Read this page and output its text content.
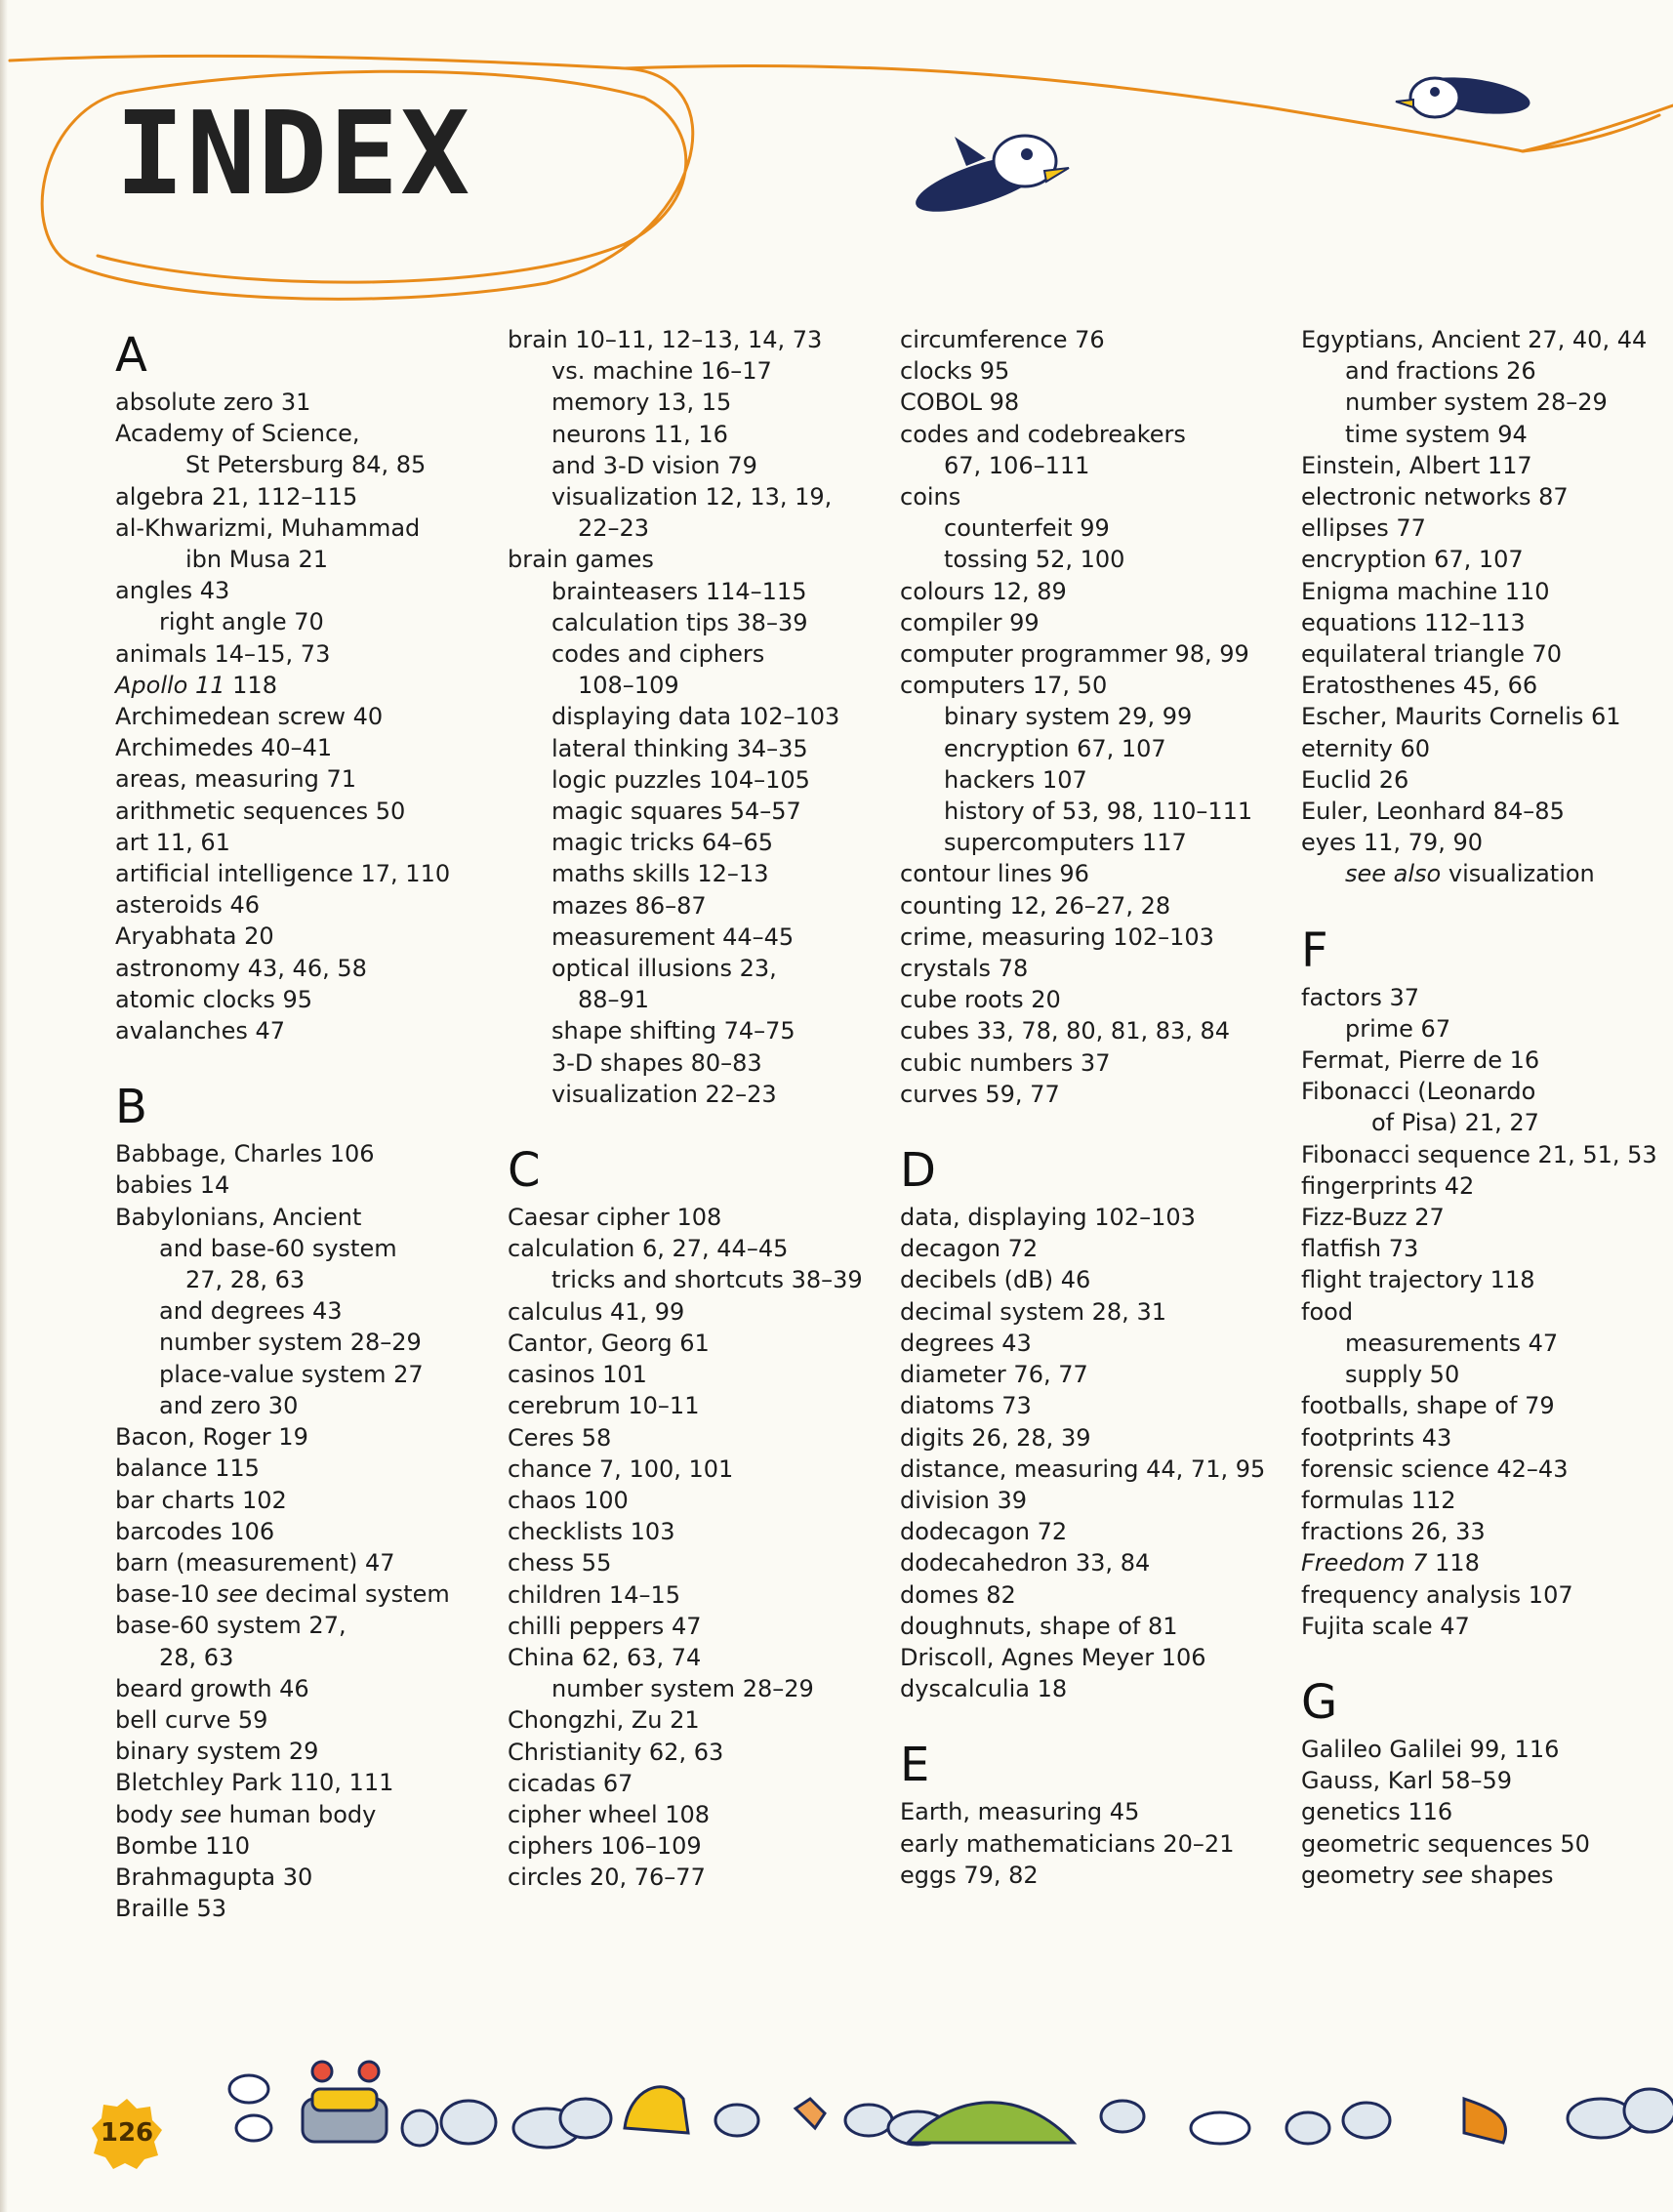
INDEX
A
absolute zero 31
Academy of Science,
St Petersburg 84, 85
algebra 21, 112–115
al-Khwarizmi, Muhammad
ibn Musa 21
angles 43
right angle 70
animals 14–15, 73
Apollo 11 118
Archimedean screw 40
Archimedes 40–41
areas, measuring 71
arithmetic sequences 50
art 11, 61
artificial intelligence 17, 110
asteroids 46
Aryabhata 20
astronomy 43, 46, 58
atomic clocks 95
avalanches 47
B
Babbage, Charles 106
babies 14
Babylonians, Ancient
and base-60 system
27, 28, 63
and degrees 43
number system 28–29
place-value system 27
and zero 30
Bacon, Roger 19
balance 115
bar charts 102
barcodes 106
barn (measurement) 47
base-10 see decimal system
base-60 system 27,
28, 63
beard growth 46
bell curve 59
binary system 29
Bletchley Park 110, 111
body see human body
Bombe 110
Brahmagupta 30
Braille 53
brain 10–11, 12–13, 14, 73
vs. machine 16–17
memory 13, 15
neurons 11, 16
and 3-D vision 79
visualization 12, 13, 19,
22–23
brain games
brainteasers 114–115
calculation tips 38–39
codes and ciphers
108–109
displaying data 102–103
lateral thinking 34–35
logic puzzles 104–105
magic squares 54–57
magic tricks 64–65
maths skills 12–13
mazes 86–87
measurement 44–45
optical illusions 23,
88–91
shape shifting 74–75
3-D shapes 80–83
visualization 22–23
C
Caesar cipher 108
calculation 6, 27, 44–45
tricks and shortcuts 38–39
calculus 41, 99
Cantor, Georg 61
casinos 101
cerebrum 10–11
Ceres 58
chance 7, 100, 101
chaos 100
checklists 103
chess 55
children 14–15
chilli peppers 47
China 62, 63, 74
number system 28–29
Chongzhi, Zu 21
Christianity 62, 63
cicadas 67
cipher wheel 108
ciphers 106–109
circles 20, 76–77
circumference 76
clocks 95
COBOL 98
codes and codebreakers
67, 106–111
coins
counterfeit 99
tossing 52, 100
colours 12, 89
compiler 99
computer programmer 98, 99
computers 17, 50
binary system 29, 99
encryption 67, 107
hackers 107
history of 53, 98, 110–111
supercomputers 117
contour lines 96
counting 12, 26–27, 28
crime, measuring 102–103
crystals 78
cube roots 20
cubes 33, 78, 80, 81, 83, 84
cubic numbers 37
curves 59, 77
D
data, displaying 102–103
decagon 72
decibels (dB) 46
decimal system 28, 31
degrees 43
diameter 76, 77
diatoms 73
digits 26, 28, 39
distance, measuring 44, 71, 95
division 39
dodecagon 72
dodecahedron 33, 84
domes 82
doughnuts, shape of 81
Driscoll, Agnes Meyer 106
dyscalculia 18
E
Earth, measuring 45
early mathematicians 20–21
eggs 79, 82
Egyptians, Ancient 27, 40, 44
and fractions 26
number system 28–29
time system 94
Einstein, Albert 117
electronic networks 87
ellipses 77
encryption 67, 107
Enigma machine 110
equations 112–113
equilateral triangle 70
Eratosthenes 45, 66
Escher, Maurits Cornelis 61
eternity 60
Euclid 26
Euler, Leonhard 84–85
eyes 11, 79, 90
see also visualization
F
factors 37
prime 67
Fermat, Pierre de 16
Fibonacci (Leonardo
of Pisa) 21, 27
Fibonacci sequence 21, 51, 53
fingerprints 42
Fizz-Buzz 27
flatfish 73
flight trajectory 118
food
measurements 47
supply 50
footballs, shape of 79
footprints 43
forensic science 42–43
formulas 112
fractions 26, 33
Freedom 7 118
frequency analysis 107
Fujita scale 47
G
Galileo Galilei 99, 116
Gauss, Karl 58–59
genetics 116
geometric sequences 50
geometry see shapes
126
